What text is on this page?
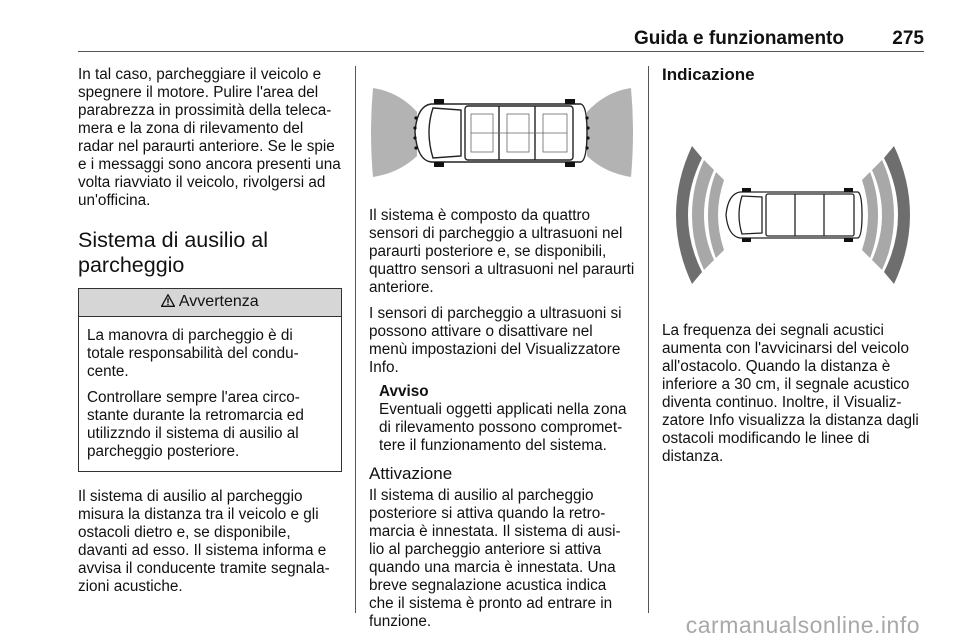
Guida e funzionamento	275

In tal caso, parcheggiare il veicolo e spegnere il motore. Pulire l'area del parabrezza in prossimità della teleca-mera e la zona di rilevamento del radar nel paraurti anteriore. Se le spie e i messaggi sono ancora presenti una volta riavviato il veicolo, rivolgersi ad un'officina.

Sistema di ausilio al parcheggio
Avvertenza

La manovra di parcheggio è di totale responsabilità del condu-cente.

Controllare sempre l'area circo-stante durante la retromarcia ed utilizzndo il sistema di ausilio al parcheggio posteriore.

Il sistema di ausilio al parcheggio misura la distanza tra il veicolo e gli ostacoli dietro e, se disponibile, davanti ad esso. Il sistema informa e avvisa il conducente tramite segnala-zioni acustiche.

Il sistema è composto da quattro sensori di parcheggio a ultrasuoni nel paraurti posteriore e, se disponibili, quattro sensori a ultrasuoni nel paraurti anteriore.

I sensori di parcheggio a ultrasuoni si possono attivare o disattivare nel menù impostazioni del Visualizzatore Info.

Avviso

Eventuali oggetti applicati nella zona di rilevamento possono compromet-tere il funzionamento del sistema.

Attivazione

Il sistema di ausilio al parcheggio posteriore si attiva quando la retro-marcia è innestata. Il sistema di ausi-lio al parcheggio anteriore si attiva quando una marcia è innestata. Una breve segnalazione acustica indica che il sistema è pronto ad entrare in funzione.

Indicazione

La frequenza dei segnali acustici aumenta con l'avvicinarsi del veicolo all'ostacolo. Quando la distanza è inferiore a 30 cm, il segnale acustico diventa continuo. Inoltre, il Visualiz-zatore Info visualizza la distanza dagli ostacoli modificando le linee di distanza.

carmanualsonline.info
